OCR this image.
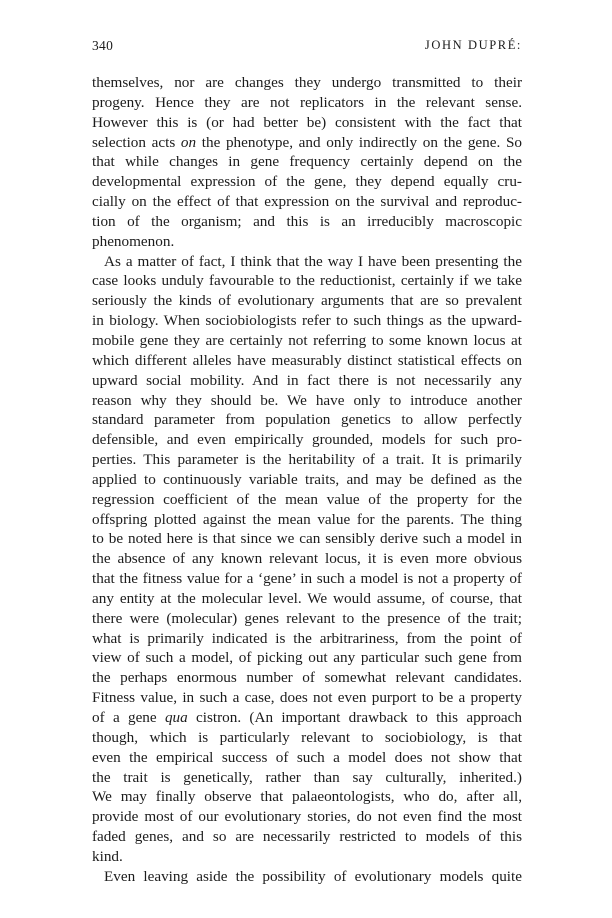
340	JOHN DUPRÉ:
themselves, nor are changes they undergo transmitted to their
progeny. Hence they are not replicators in the relevant sense.
However this is (or had better be) consistent with the fact that
selection acts on the phenotype, and only indirectly on the gene. So
that while changes in gene frequency certainly depend on the
developmental expression of the gene, they depend equally cru-
cially on the effect of that expression on the survival and reproduc-
tion of the organism; and this is an irreducibly macroscopic
phenomenon.
As a matter of fact, I think that the way I have been presenting the
case looks unduly favourable to the reductionist, certainly if we take
seriously the kinds of evolutionary arguments that are so prevalent
in biology. When sociobiologists refer to such things as the upward-
mobile gene they are certainly not referring to some known locus at
which different alleles have measurably distinct statistical effects on
upward social mobility. And in fact there is not necessarily any
reason why they should be. We have only to introduce another
standard parameter from population genetics to allow perfectly
defensible, and even empirically grounded, models for such pro-
perties. This parameter is the heritability of a trait. It is primarily
applied to continuously variable traits, and may be defined as the
regression coefficient of the mean value of the property for the
offspring plotted against the mean value for the parents. The thing
to be noted here is that since we can sensibly derive such a model in
the absence of any known relevant locus, it is even more obvious
that the fitness value for a ‘gene’ in such a model is not a property of
any entity at the molecular level. We would assume, of course, that
there were (molecular) genes relevant to the presence of the trait;
what is primarily indicated is the arbitrariness, from the point of
view of such a model, of picking out any particular such gene from
the perhaps enormous number of somewhat relevant candidates.
Fitness value, in such a case, does not even purport to be a property
of a gene qua cistron. (An important drawback to this approach
though, which is particularly relevant to sociobiology, is that
even the empirical success of such a model does not show that
the trait is genetically, rather than say culturally, inherited.)
We may finally observe that palaeontologists, who do, after all,
provide most of our evolutionary stories, do not even find the most
faded genes, and so are necessarily restricted to models of this
kind.
Even leaving aside the possibility of evolutionary models quite
